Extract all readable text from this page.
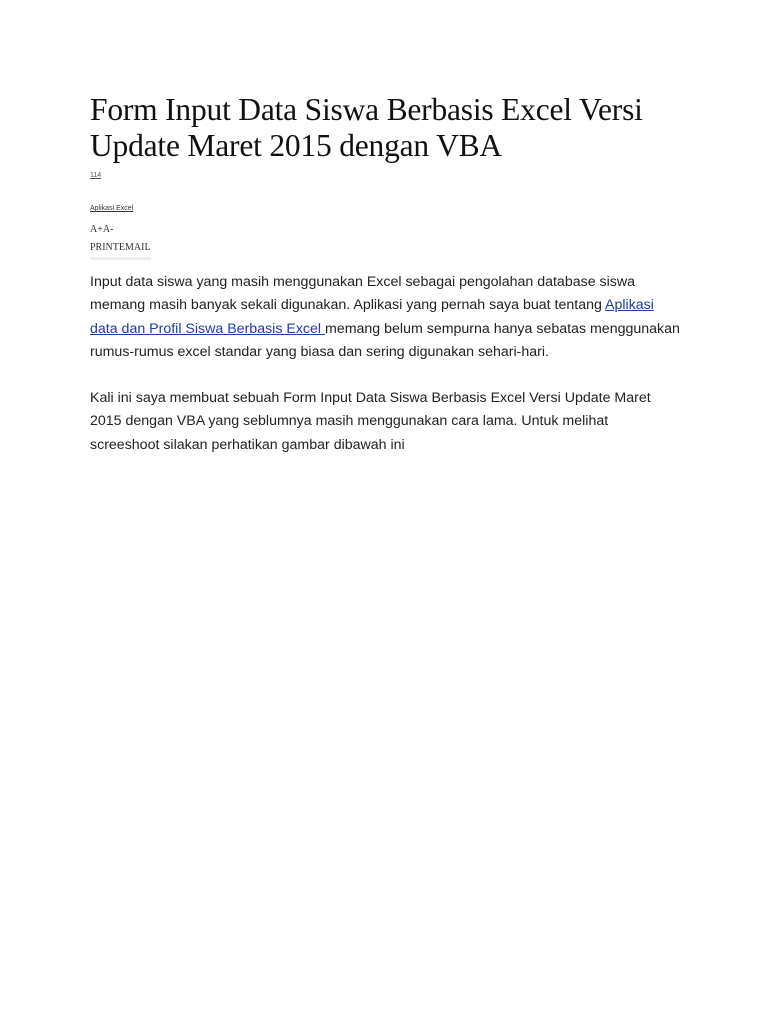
Form Input Data Siswa Berbasis Excel Versi
Update Maret 2015 dengan VBA
114
Aplikasi Excel
A+A-
PRINTEMAIL

Input data siswa yang masih menggunakan Excel sebagai pengolahan database siswa memang masih banyak sekali digunakan. Aplikasi yang pernah saya buat tentang Aplikasi data dan Profil Siswa Berbasis Excel memang belum sempurna hanya sebatas menggunakan rumus-rumus excel standar yang biasa dan sering digunakan sehari-hari.

Kali ini saya membuat sebuah Form Input Data Siswa Berbasis Excel Versi Update Maret 2015 dengan VBA yang seblumnya masih menggunakan cara lama. Untuk melihat screeshoot silakan perhatikan gambar dibawah ini
